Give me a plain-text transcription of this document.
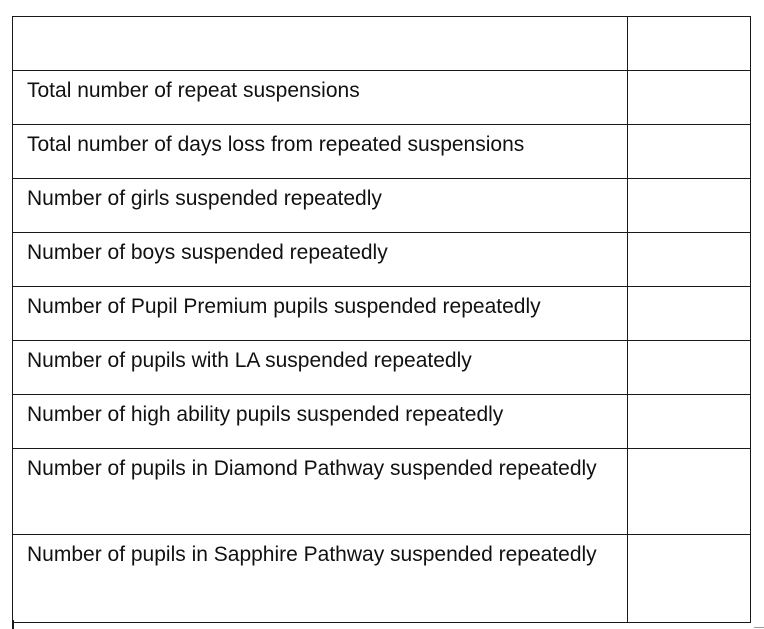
Total number of repeat suspensions	
Total number of days loss from repeated suspensions	
Number of girls suspended repeatedly	
Number of boys suspended repeatedly	
Number of Pupil Premium pupils suspended repeatedly	
Number of pupils with LA suspended repeatedly	
Number of high ability pupils suspended repeatedly	
Number of pupils in Diamond Pathway suspended repeatedly	
Number of pupils in Sapphire Pathway suspended repeatedly	
